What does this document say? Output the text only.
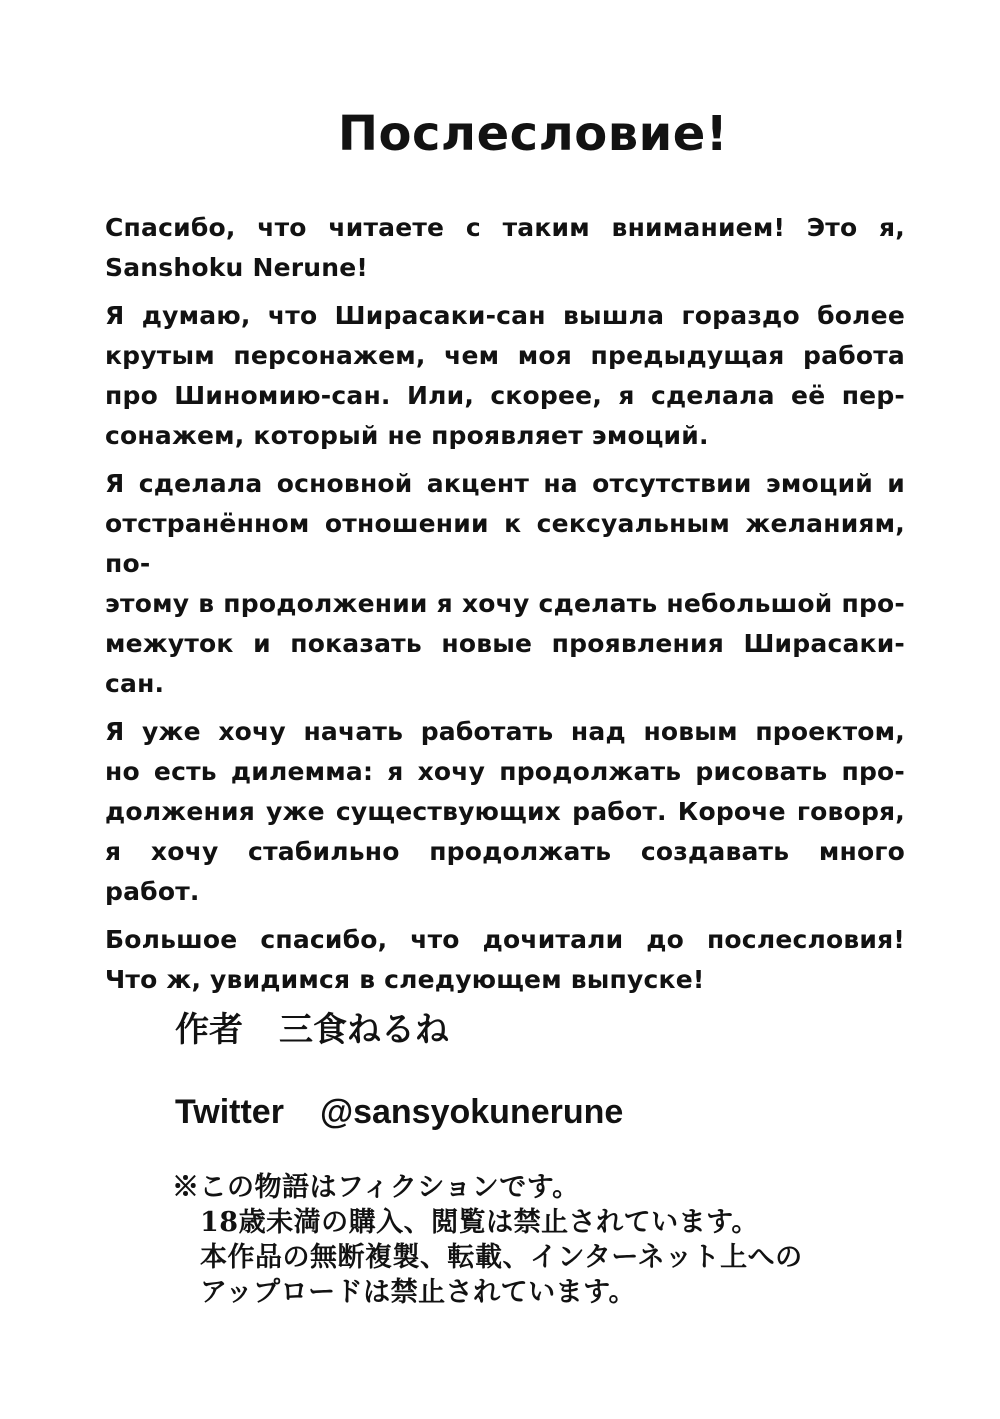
Послесловие!
Спасибо, что читаете с таким вниманием! Это я,
Sanshoku Nerune!
Я думаю, что Ширасаки-сан вышла гораздо более
крутым персонажем, чем моя предыдущая работа
про Шиномию-сан. Или, скорее, я сделала её пер-
сонажем, который не проявляет эмоций.
Я сделала основной акцент на отсутствии эмоций и
отстранённом отношении к сексуальным желаниям, по-
этому в продолжении я хочу сделать небольшой про-
межуток и показать новые проявления Ширасаки-сан.
Я уже хочу начать работать над новым проектом,
но есть дилемма: я хочу продолжать рисовать про-
должения уже существующих работ. Короче говоря,
я хочу стабильно продолжать создавать много
работ.
Большое спасибо, что дочитали до послесловия!
Что ж, увидимся в следующем выпуске!
作者 三食ねるね
Twitter @sansyokunerune
※この物語はフィクションです。
18歳未満の購入、閲覧は禁止されています。
本作品の無断複製、転載、インターネット上への
アップロードは禁止されています。
